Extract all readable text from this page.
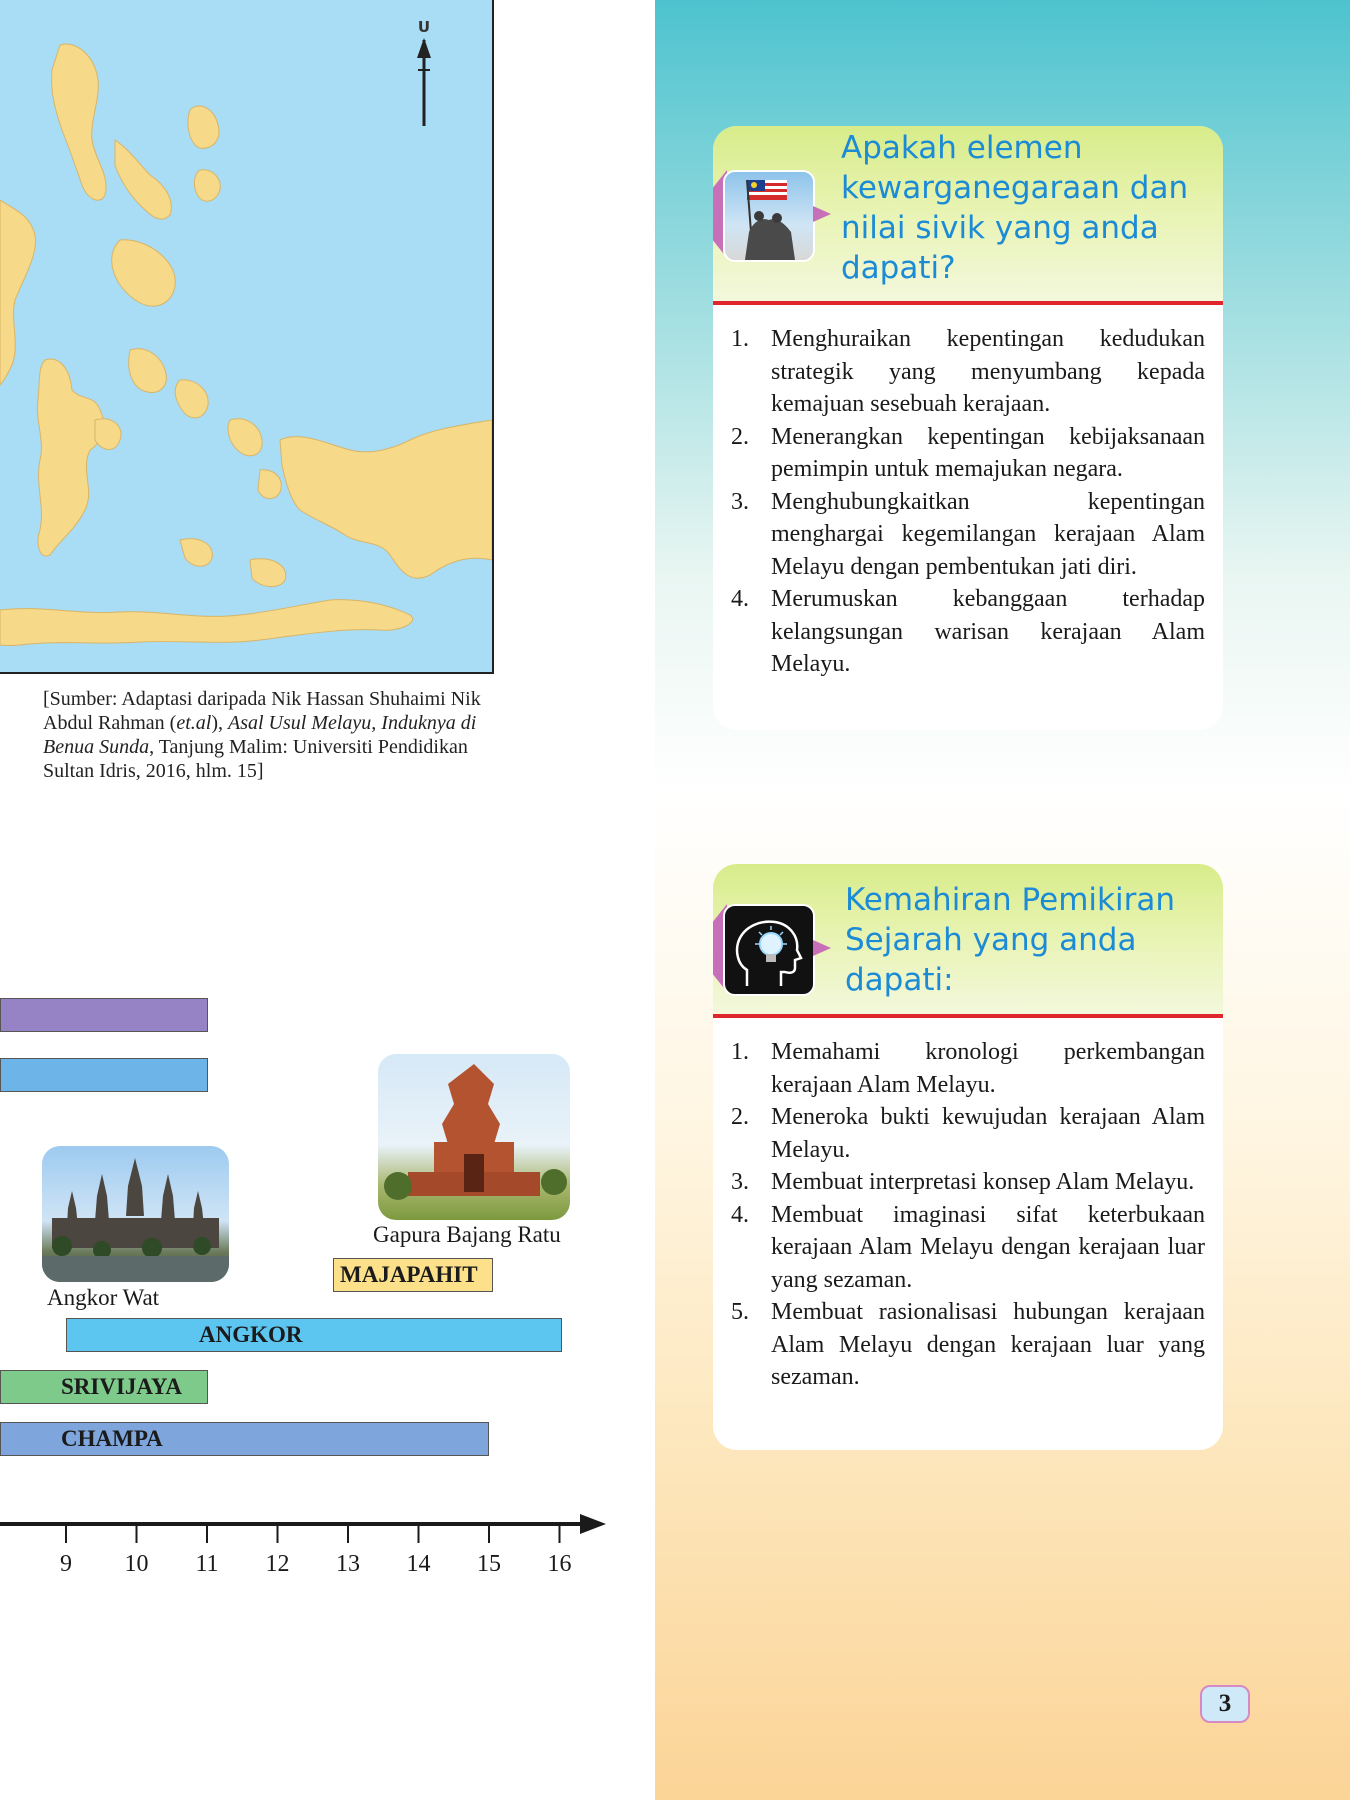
U
[Sumber: Adaptasi daripada Nik Hassan Shuhaimi Nik Abdul Rahman (et.al), Asal Usul Melayu, Induknya di Benua Sunda, Tanjung Malim: Universiti Pendidikan Sultan Idris, 2016, hlm. 15]
Apakah elemen kewarganegaraan dan nilai sivik yang anda dapati?
1. Menghuraikan kepentingan kedudukan strategik yang menyumbang kepada kemajuan sesebuah kerajaan.
2. Menerangkan kepentingan kebijaksanaan pemimpin untuk memajukan negara.
3. Menghubungkaitkan kepentingan menghargai kegemilangan kerajaan Alam Melayu dengan pembentukan jati diri.
4. Merumuskan kebanggaan terhadap kelangsungan warisan kerajaan Alam Melayu.
Kemahiran Pemikiran Sejarah yang anda dapati:
1. Memahami kronologi perkembangan kerajaan Alam Melayu.
2. Meneroka bukti kewujudan kerajaan Alam Melayu.
3. Membuat interpretasi konsep Alam Melayu.
4. Membuat imaginasi sifat keterbukaan kerajaan Alam Melayu dengan kerajaan luar yang sezaman.
5. Membuat rasionalisasi hubungan kerajaan Alam Melayu dengan kerajaan luar yang sezaman.
MAJAPAHIT
ANGKOR
SRIVIJAYA
CHAMPA
Angkor Wat
Gapura Bajang Ratu
9 10 11 12 13 14 15 16
3
